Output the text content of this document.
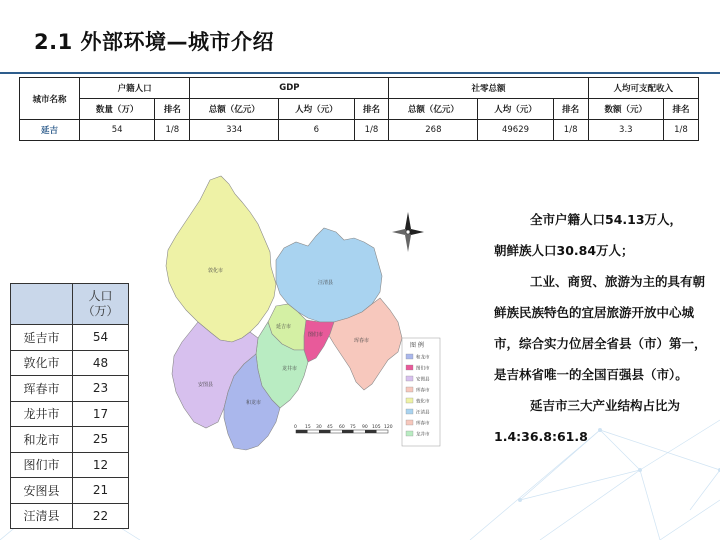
2.1 外部环境—城市介绍
城市名称	户籍人口		GDP			社零总额			人均可支配收入	
	数量（万）	排名	总额（亿元）	人均（元）	排名	总额（亿元）	人均（元）	排名	数额（元）	排名
延吉	54	1/8	334	6	1/8	268	49629	1/8	3.3	1/8

	人口
（万）

延吉市	54
敦化市	48
珲春市	23
龙井市	17
和龙市	25
图们市	12
安图县	21
汪清县	22
敦化市
汪清县
图们市
珲春市
延吉市
龙井市
安图县
和龙市
图 例
和龙市
图们市
安图县
珲春市
敦化市
汪清县
珲春市
龙井市
0 15 30 45 60 75 90 105 120

全市户籍人口54.13万人，

朝鲜族人口30.84万人；

工业、商贸、旅游为主的具有朝鲜族民族特色的宜居旅游开放中心城市，综合实力位居全省县（市）第一，是吉林省唯一的全国百强县（市）。

延吉市三大产业结构占比为1.4:36.8:61.8
